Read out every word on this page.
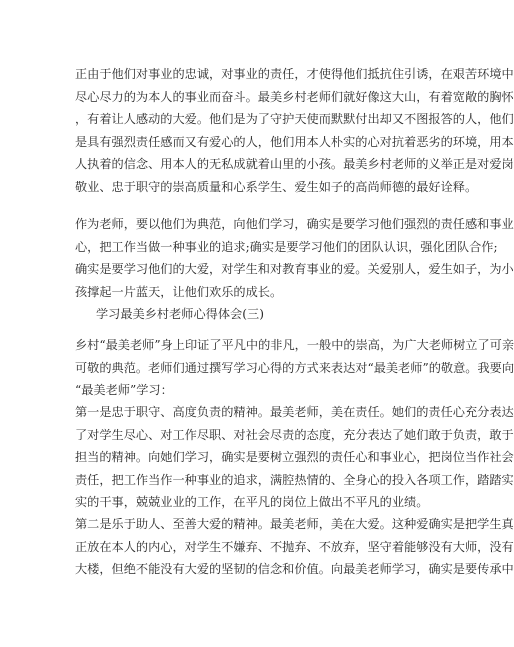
正由于他们对事业的忠诚，对事业的责任，才使得他们抵抗住引诱，在艰苦环境中
尽心尽力的为本人的事业而奋斗。最美乡村老师们就好像这大山，有着宽敞的胸怀
，有着让人感动的大爱。他们是为了守护天使而默默付出却又不图报答的人，他们
是具有强烈责任感而又有爱心的人，他们用本人朴实的心对抗着恶劣的环境，用本
人执着的信念、用本人的无私成就着山里的小孩。最美乡村老师的义举正是对爱岗
敬业、忠于职守的崇高质量和心系学生、爱生如子的高尚师德的最好诠释。
作为老师，要以他们为典范，向他们学习，确实是要学习他们强烈的责任感和事业
心，把工作当做一种事业的追求;确实是要学习他们的团队认识，强化团队合作;
确实是要学习他们的大爱，对学生和对教育事业的爱。关爱别人，爱生如子，为小
孩撑起一片蓝天，让他们欢乐的成长。
学习最美乡村老师心得体会(三)
乡村“最美老师”身上印证了平凡中的非凡，一般中的崇高，为广大老师树立了可亲
可敬的典范。老师们通过撰写学习心得的方式来表达对“最美老师”的敬意。我要向
“最美老师”学习：
第一是忠于职守、高度负责的精神。最美老师，美在责任。她们的责任心充分表达
了对学生尽心、对工作尽职、对社会尽责的态度，充分表达了她们敢于负责，敢于
担当的精神。向她们学习，确实是要树立强烈的责任心和事业心，把岗位当作社会
责任，把工作当作一种事业的追求，满腔热情的、全身心的投入各项工作，踏踏实
实的干事，兢兢业业的工作，在平凡的岗位上做出不平凡的业绩。
第二是乐于助人、至善大爱的精神。最美老师，美在大爱。这种爱确实是把学生真
正放在本人的内心，对学生不嫌弃、不抛弃、不放弃，坚守着能够没有大师，没有
大楼，但绝不能没有大爱的坚韧的信念和价值。向最美老师学习，确实是要传承中
